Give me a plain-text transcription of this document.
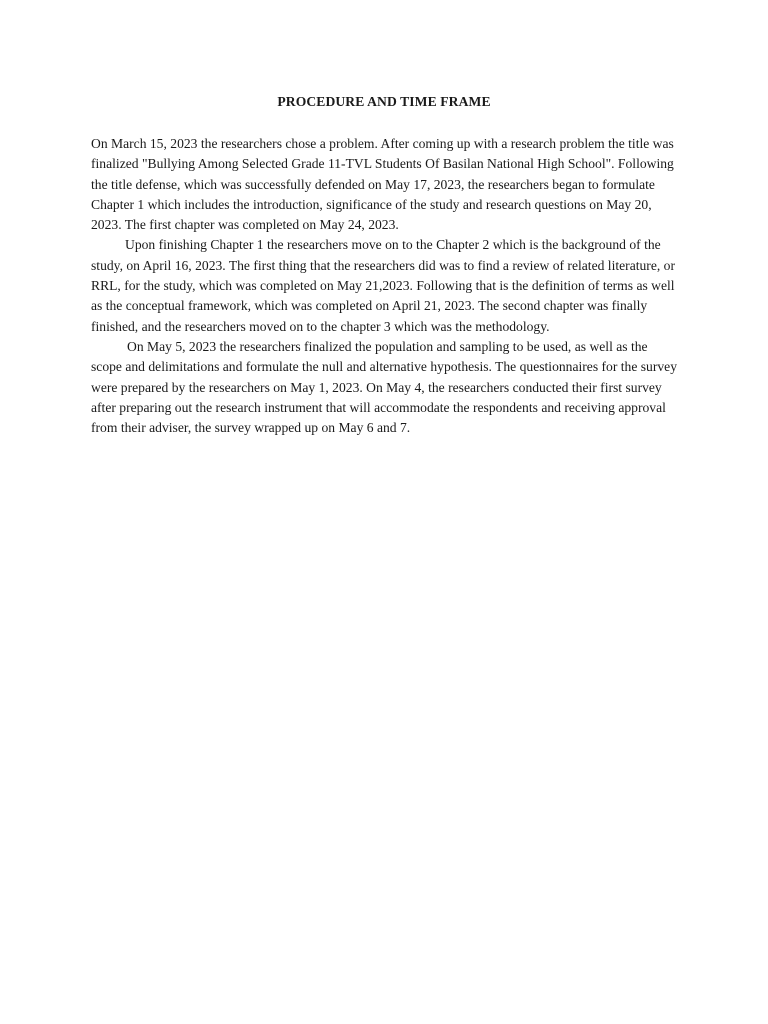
PROCEDURE AND TIME FRAME

On March 15, 2023 the researchers chose a problem. After coming up with a research problem the title was finalized "Bullying Among Selected Grade 11-TVL Students Of Basilan National High School". Following the title defense, which was successfully defended on May 17, 2023, the researchers began to formulate Chapter 1 which includes the introduction, significance of the study and research questions on May 20, 2023. The first chapter was completed on May 24, 2023.

Upon finishing Chapter 1 the researchers move on to the Chapter 2 which is the background of the study, on April 16, 2023. The first thing that the researchers did was to find a review of related literature, or RRL, for the study, which was completed on May 21,2023. Following that is the definition of terms as well as the conceptual framework, which was completed on April 21, 2023. The second chapter was finally finished, and the researchers moved on to the chapter 3 which was the methodology.

On May 5, 2023 the researchers finalized the population and sampling to be used, as well as the scope and delimitations and formulate the null and alternative hypothesis. The questionnaires for the survey were prepared by the researchers on May 1, 2023. On May 4, the researchers conducted their first survey after preparing out the research instrument that will accommodate the respondents and receiving approval from their adviser, the survey wrapped up on May 6 and 7.
